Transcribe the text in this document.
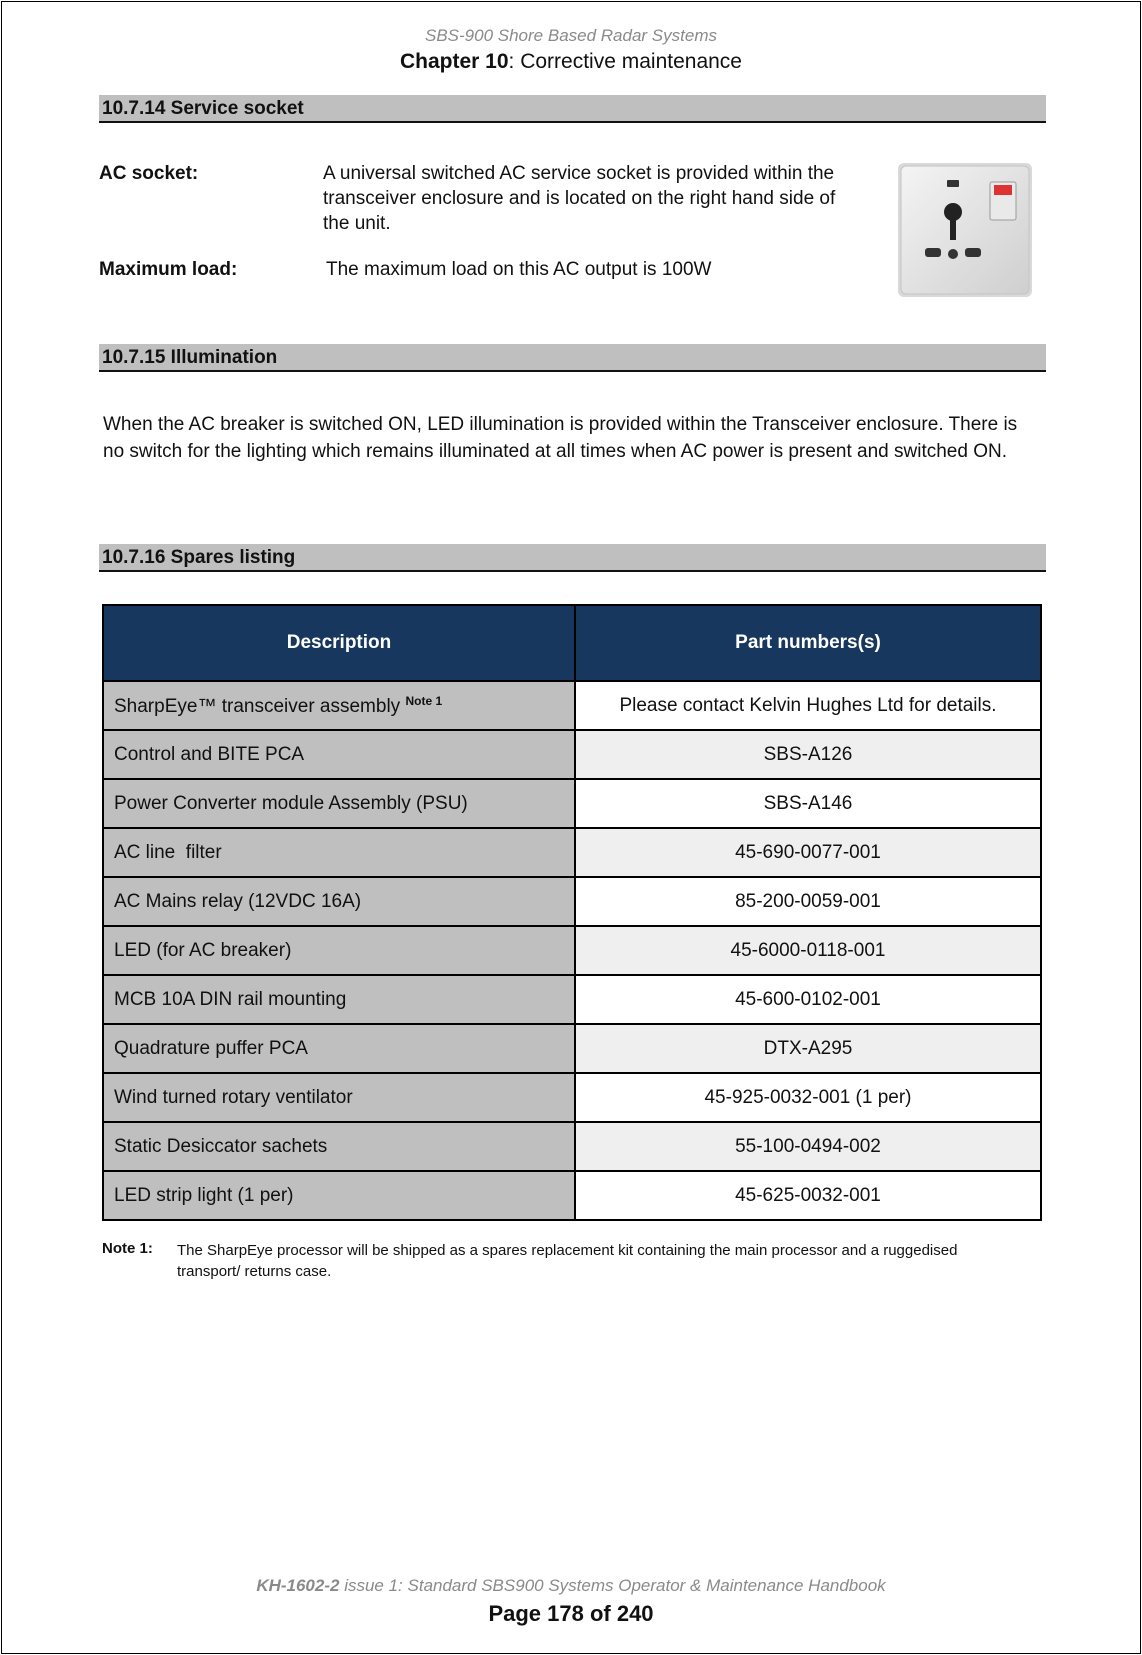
SBS-900 Shore Based Radar Systems
Chapter 10: Corrective maintenance
10.7.14 Service socket
AC socket:	A universal switched AC service socket is provided within the transceiver enclosure and is located on the right hand side of the unit.
Maximum load:	The maximum load on this AC output is 100W
10.7.15 Illumination
When the AC breaker is switched ON, LED illumination is provided within the Transceiver enclosure. There is no switch for the lighting which remains illuminated at all times when AC power is present and switched ON.
10.7.16 Spares listing
Description	Part numbers(s)
SharpEye™ transceiver assembly $^{Note 1}$	Please contact Kelvin Hughes Ltd for details.
Control and BITE PCA	SBS-A126
Power Converter module Assembly (PSU)	SBS-A146
AC line  filter	45-690-0077-001
AC Mains relay (12VDC 16A)	85-200-0059-001
LED (for AC breaker)	45-6000-0118-001
MCB 10A DIN rail mounting	45-600-0102-001
Quadrature puffer PCA	DTX-A295
Wind turned rotary ventilator	45-925-0032-001 (1 per)
Static Desiccator sachets	55-100-0494-002
LED strip light (1 per)	45-625-0032-001
Note 1: The SharpEye processor will be shipped as a spares replacement kit containing the main processor and a ruggedised transport/ returns case.
KH-1602-2 issue 1: Standard SBS900 Systems Operator & Maintenance Handbook
Page 178 of 240
